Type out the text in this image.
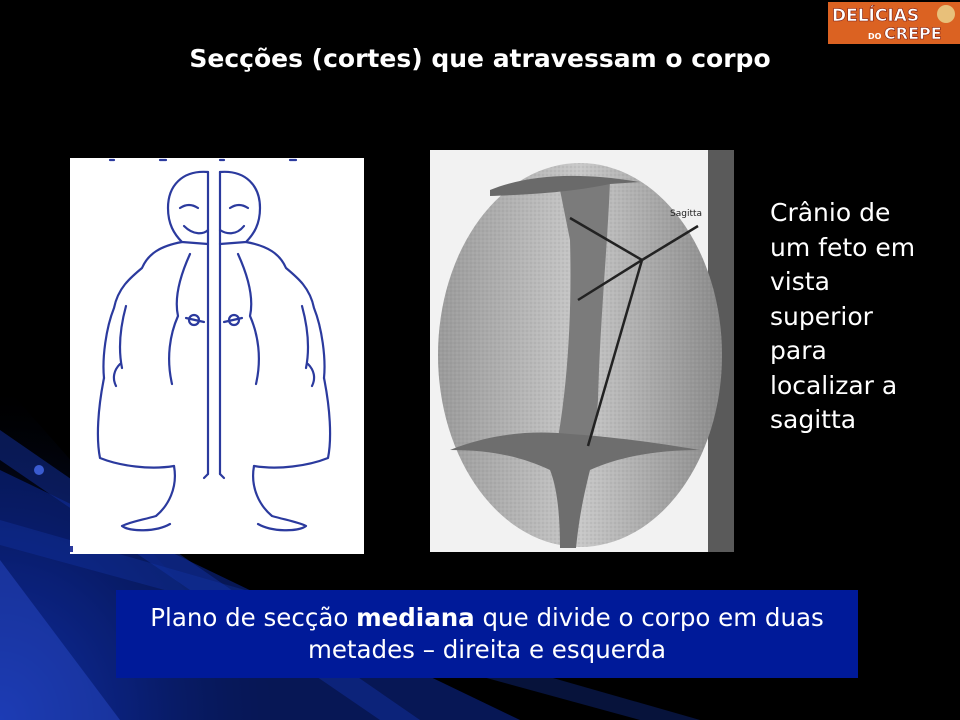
Secções (cortes) que atravessam o corpo
DELÍCIAS
DO CREPE
Sagitta	Crânio de um feto em vista superior para localizar a sagitta

Plano de secção mediana que divide o corpo em duas metades – direita e esquerda
